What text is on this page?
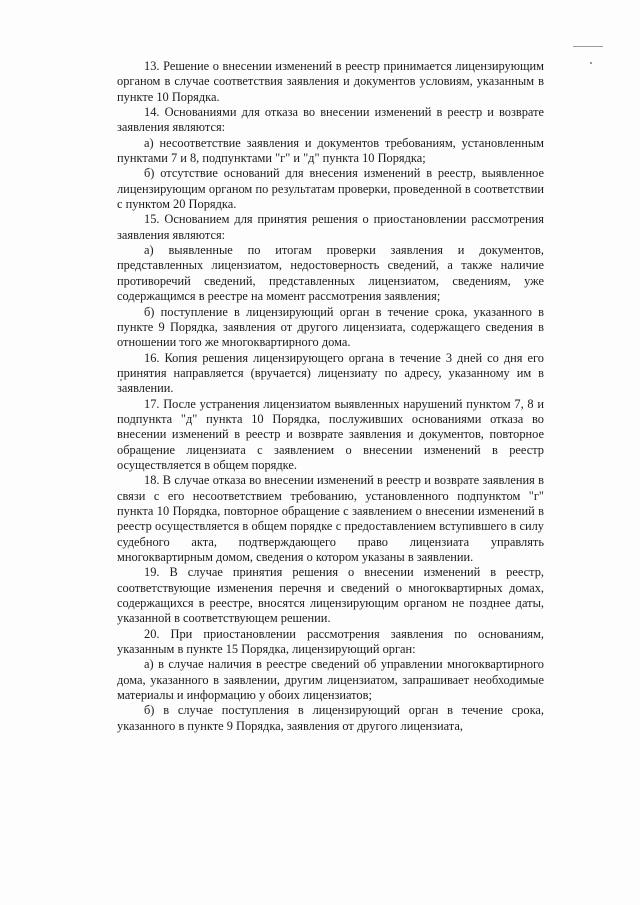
13. Решение о внесении изменений в реестр принимается лицензирующим органом в случае соответствия заявления и документов условиям, указанным в пункте 10 Порядка.

14. Основаниями для отказа во внесении изменений в реестр и возврате заявления являются:

а) несоответствие заявления и документов требованиям, установленным пунктами 7 и 8, подпунктами "г" и "д" пункта 10 Порядка;

б) отсутствие оснований для внесения изменений в реестр, выявленное лицензирующим органом по результатам проверки, проведенной в соответствии с пунктом 20 Порядка.

15. Основанием для принятия решения о приостановлении рассмотрения заявления являются:

а) выявленные по итогам проверки заявления и документов, представленных лицензиатом, недостоверность сведений, а также наличие противоречий сведений, представленных лицензиатом, сведениям, уже содержащимся в реестре на момент рассмотрения заявления;

б) поступление в лицензирующий орган в течение срока, указанного в пункте 9 Порядка, заявления от другого лицензиата, содержащего сведения в отношении того же многоквартирного дома.

16. Копия решения лицензирующего органа в течение 3 дней со дня его принятия направляется (вручается) лицензиату по адресу, указанному им в заявлении.

17. После устранения лицензиатом выявленных нарушений пунктом 7, 8 и подпункта "д" пункта 10 Порядка, послуживших основаниями отказа во внесении изменений в реестр и возврате заявления и документов, повторное обращение лицензиата с заявлением о внесении изменений в реестр осуществляется в общем порядке.

18. В случае отказа во внесении изменений в реестр и возврате заявления в связи с его несоответствием требованию, установленного подпунктом "г" пункта 10 Порядка, повторное обращение с заявлением о внесении изменений в реестр осуществляется в общем порядке с предоставлением вступившего в силу судебного акта, подтверждающего право лицензиата управлять многоквартирным домом, сведения о котором указаны в заявлении.

19. В случае принятия решения о внесении изменений в реестр, соответствующие изменения перечня и сведений о многоквартирных домах, содержащихся в реестре, вносятся лицензирующим органом не позднее даты, указанной в соответствующем решении.

20. При приостановлении рассмотрения заявления по основаниям, указанным в пункте 15 Порядка, лицензирующий орган:

а) в случае наличия в реестре сведений об управлении многоквартирного дома, указанного в заявлении, другим лицензиатом, запрашивает необходимые материалы и информацию у обоих лицензиатов;

б) в случае поступления в лицензирующий орган в течение срока, указанного в пункте 9 Порядка, заявления от другого лицензиата,
